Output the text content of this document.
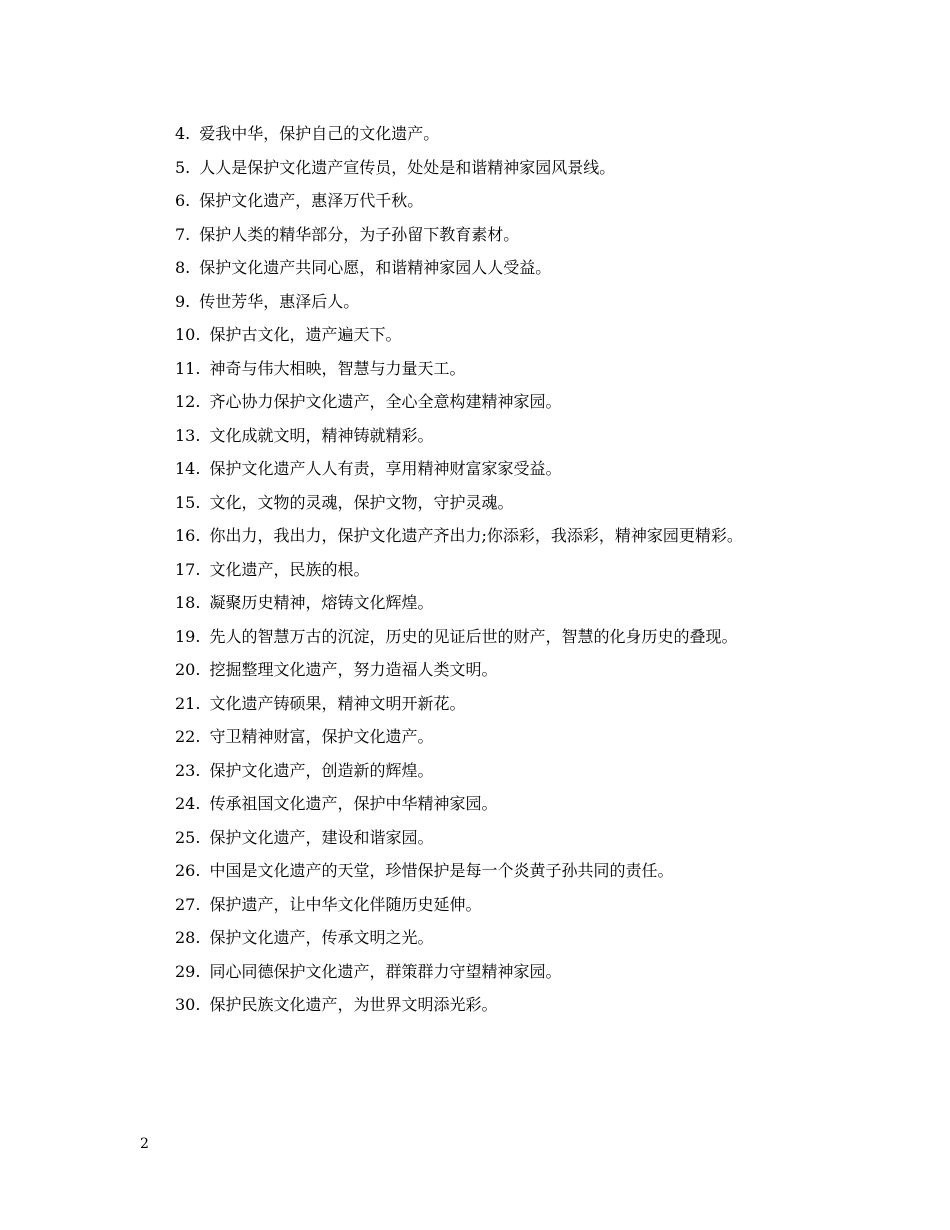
4. 爱我中华，保护自己的文化遗产。
5. 人人是保护文化遗产宣传员，处处是和谐精神家园风景线。
6. 保护文化遗产，惠泽万代千秋。
7. 保护人类的精华部分，为子孙留下教育素材。
8. 保护文化遗产共同心愿，和谐精神家园人人受益。
9. 传世芳华，惠泽后人。
10. 保护古文化，遗产遍天下。
11. 神奇与伟大相映，智慧与力量天工。
12. 齐心协力保护文化遗产，全心全意构建精神家园。
13. 文化成就文明，精神铸就精彩。
14. 保护文化遗产人人有责，享用精神财富家家受益。
15. 文化，文物的灵魂，保护文物，守护灵魂。
16. 你出力，我出力，保护文化遗产齐出力;你添彩，我添彩，精神家园更精彩。
17. 文化遗产，民族的根。
18. 凝聚历史精神，熔铸文化辉煌。
19. 先人的智慧万古的沉淀，历史的见证后世的财产，智慧的化身历史的叠现。
20. 挖掘整理文化遗产，努力造福人类文明。
21. 文化遗产铸硕果，精神文明开新花。
22. 守卫精神财富，保护文化遗产。
23. 保护文化遗产，创造新的辉煌。
24. 传承祖国文化遗产，保护中华精神家园。
25. 保护文化遗产，建设和谐家园。
26. 中国是文化遗产的天堂，珍惜保护是每一个炎黄子孙共同的责任。
27. 保护遗产，让中华文化伴随历史延伸。
28. 保护文化遗产，传承文明之光。
29. 同心同德保护文化遗产，群策群力守望精神家园。
30. 保护民族文化遗产，为世界文明添光彩。
2
